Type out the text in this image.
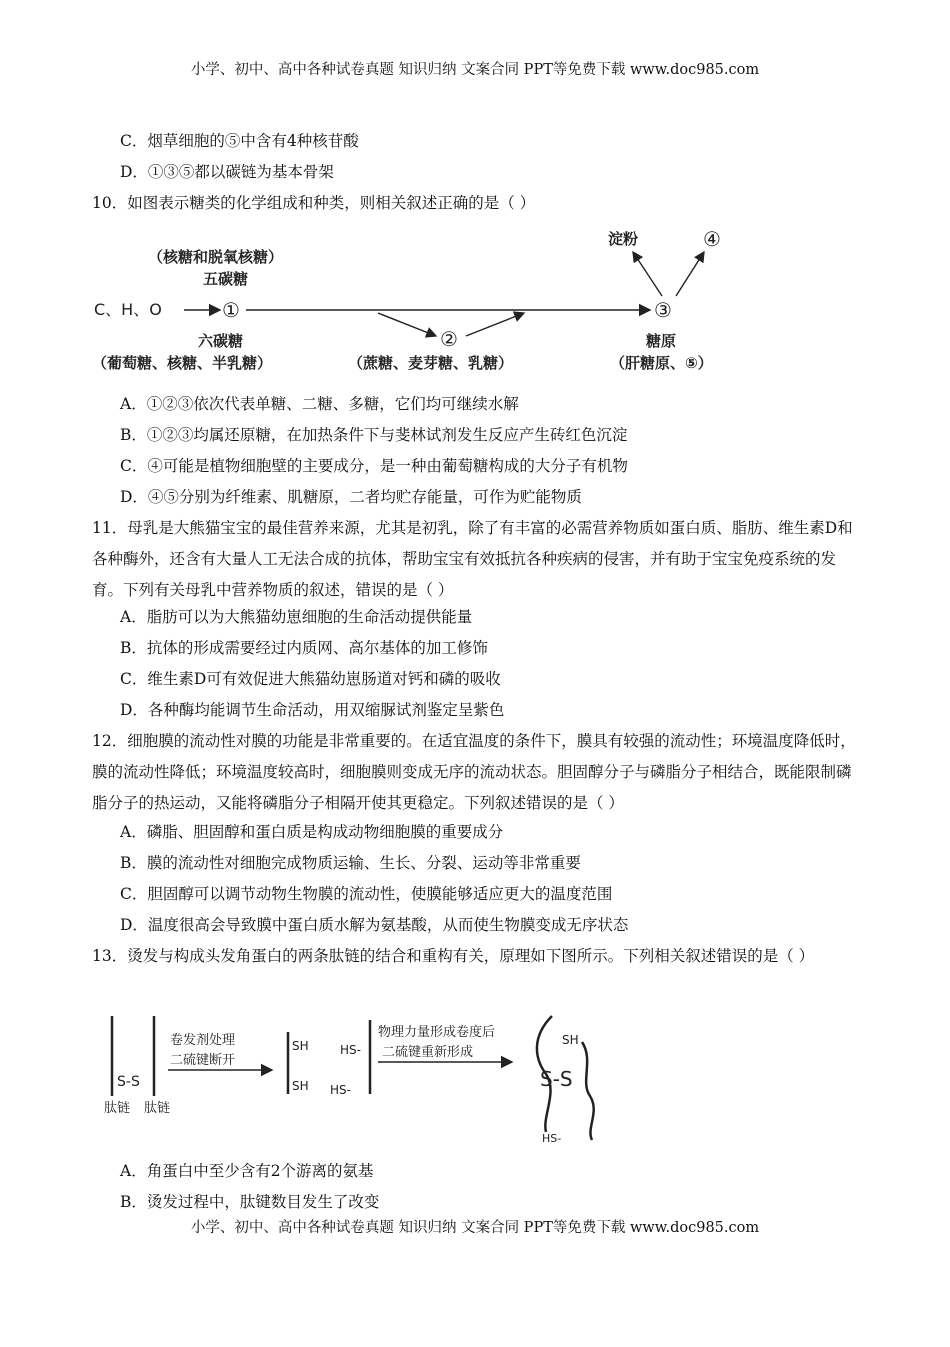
小学、初中、高中各种试卷真题 知识归纳 文案合同 PPT等免费下载 www.doc985.com
C．烟草细胞的⑤中含有4种核苷酸
D．①③⑤都以碳链为基本骨架
10．如图表示糖类的化学组成和种类，则相关叙述正确的是（ ）
（核糖和脱氧核糖）
五碳糖
C、H、O	①
②
③
淀粉	④
六碳糖
（葡萄糖、核糖、半乳糖）	（蔗糖、麦芽糖、乳糖）
糖原
（肝糖原、⑤）
A．①②③依次代表单糖、二糖、多糖，它们均可继续水解
B．①②③均属还原糖，在加热条件下与斐林试剂发生反应产生砖红色沉淀
C．④可能是植物细胞壁的主要成分，是一种由葡萄糖构成的大分子有机物
D．④⑤分别为纤维素、肌糖原，二者均贮存能量，可作为贮能物质
11．母乳是大熊猫宝宝的最佳营养来源，尤其是初乳，除了有丰富的必需营养物质如蛋白质、脂肪、维生素D和各种酶外，还含有大量人工无法合成的抗体，帮助宝宝有效抵抗各种疾病的侵害，并有助于宝宝免疫系统的发育。下列有关母乳中营养物质的叙述，错误的是（ ）
A．脂肪可以为大熊猫幼崽细胞的生命活动提供能量
B．抗体的形成需要经过内质网、高尔基体的加工修饰
C．维生素D可有效促进大熊猫幼崽肠道对钙和磷的吸收
D．各种酶均能调节生命活动，用双缩脲试剂鉴定呈紫色
12．细胞膜的流动性对膜的功能是非常重要的。在适宜温度的条件下，膜具有较强的流动性；环境温度降低时，膜的流动性降低；环境温度较高时，细胞膜则变成无序的流动状态。胆固醇分子与磷脂分子相结合，既能限制磷脂分子的热运动，又能将磷脂分子相隔开使其更稳定。下列叙述错误的是（ ）
A．磷脂、胆固醇和蛋白质是构成动物细胞膜的重要成分
B．膜的流动性对细胞完成物质运输、生长、分裂、运动等非常重要
C．胆固醇可以调节动物生物膜的流动性，使膜能够适应更大的温度范围
D．温度很高会导致膜中蛋白质水解为氨基酸，从而使生物膜变成无序状态
13．烫发与构成头发角蛋白的两条肽链的结合和重构有关，原理如下图所示。下列相关叙述错误的是（ ）
S-S
肽链 肽链
卷发剂处理
二硫键断开
SH
SH
HS-
HS-
物理力量形成卷度后
二硫键重新形成
SH
S-S
HS-
A．角蛋白中至少含有2个游离的氨基
B．烫发过程中，肽键数目发生了改变
小学、初中、高中各种试卷真题 知识归纳 文案合同 PPT等免费下载 www.doc985.com
